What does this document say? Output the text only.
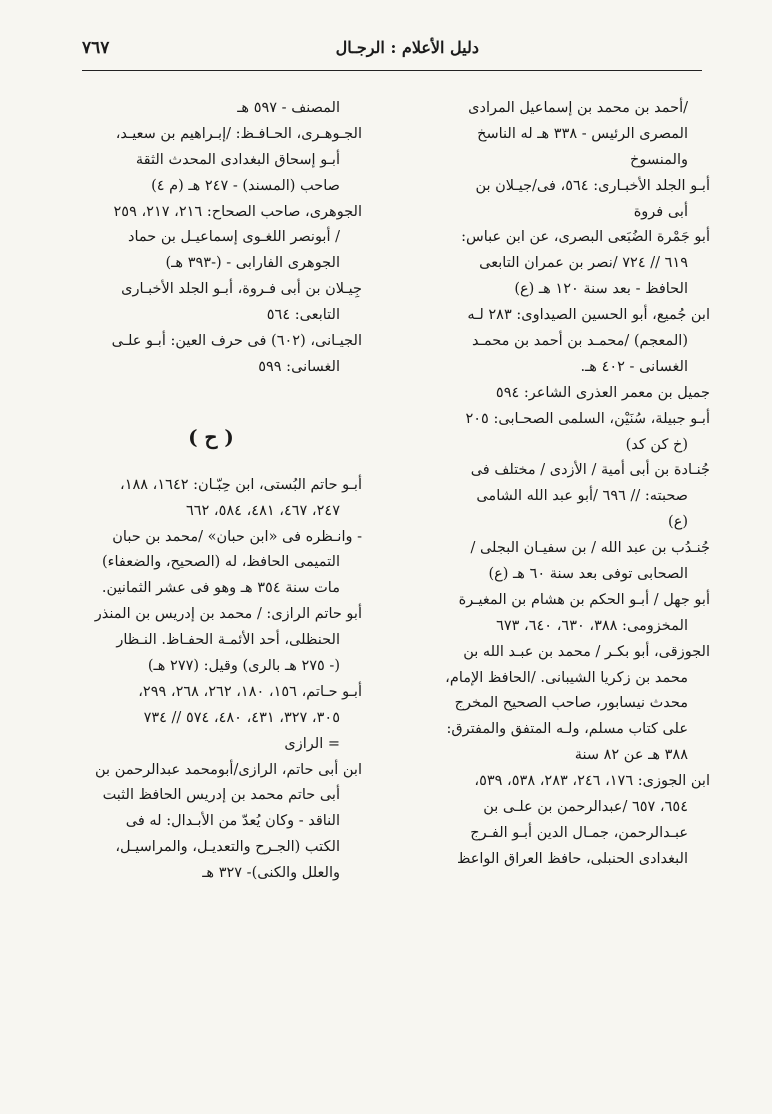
دليل الأعلام : الرجـال
٧٦٧
/أحمد بن محمد بن إسماعيل المرادى
المصرى الرئيس - ٣٣٨ هـ له الناسخ
والمنسوخ
أبـو الجلد الأخبـارى: ٥٦٤، فى/جيـلان بن
أبى فروة
أبو جَمْرة الضُبَعى البصرى، عن ابن عباس:
٦١٩ // ٧٢٤ /نصر بن عمران التابعى
الحافظ - بعد سنة ١٢٠ هـ (ع)
ابن جُميع، أبو الحسين الصيداوى: ٢٨٣ لـه
(المعجم) /محمـد بن أحمد بن محمـد
الغسانى - ٤٠٢ هـ.
جميل بن معمر العذرى الشاعر: ٥٩٤
أبـو جبيلة، سُنَيْن، السلمى الصحـابى: ٢٠٥
(خ كن كد)
جُنـادة بن أبى أمية / الأزدى / مختلف فى
صحبته: // ٦٩٦ /أبو عبد الله الشامى
(ع)
جُنـدُب بن عبد الله / بن سفيـان البجلى /
الصحابى توفى بعد سنة ٦٠ هـ (ع)
أبو جهل / أبـو الحكم بن هشام بن المغيـرة
المخزومى: ٣٨٨، ٦٣٠، ٦٤٠، ٦٧٣
الجوزقى، أبو بكـر / محمد بن عبـد الله بن
محمد بن زكريا الشيبانى. /الحافظ الإمام،
محدث نيسابور، صاحب الصحيح المخرج
على كتاب مسلم، ولـه المتفق والمفترق:
٣٨٨ هـ عن ٨٢ سنة
ابن الجوزى: ١٧٦، ٢٤٦، ٢٨٣، ٥٣٨، ٥٣٩،
٦٥٤، ٦٥٧ /عبدالرحمن بن علـى بن
عبـدالرحمن، جمـال الدين أبـو الفـرج
البغدادى الحنبلى، حافظ العراق الواعظ
المصنف - ٥٩٧ هـ
الجـوهـرى، الحـافـظ: /إبـراهيم بن سعيـد،
أبـو إسحاق البغدادى المحدث الثقة
صاحب (المسند) - ٢٤٧ هـ (م ٤)
الجوهرى، صاحب الصحاح: ٢١٦، ٢١٧، ٢٥٩
/ أبونصر اللغـوى إسماعيـل بن حماد
الجوهرى الفارابى - (-٣٩٣ هـ)
جِيـلان بن أبى فـروة، أبـو الجلد الأخبـارى
التابعى: ٥٦٤
الجيـانى، (٦٠٢) فى حرف العين: أبـو علـى
الغسانى: ٥٩٩
( ح )
أبـو حاتم البُستى، ابن حِبّـان: ١٦٤٢، ١٨٨،
٢٤٧، ٤٦٧، ٤٨١، ٥٨٤، ٦٦٢
- وانـظره فى «ابن حبان» /محمد بن حبان
التميمى الحافظ، له (الصحيح، والضعفاء)
مات سنة ٣٥٤ هـ وهو فى عشر الثمانين.
أبو حاتم الرازى: / محمد بن إدريس بن المنذر
الحنظلى، أحد الأئمـة الحفـاظ. النـظار
(- ٢٧٥ هـ بالرى) وقيل: (٢٧٧ هـ)
أبـو حـاتم، ١٥٦، ١٨٠، ٢٦٢، ٢٦٨، ٢٩٩،
٣٠٥، ٣٢٧، ٤٣١، ٤٨٠، ٥٧٤ // ٧٣٤
= الرازى
ابن أبى حاتم، الرازى/أبومحمد عبدالرحمن بن
أبى حاتم محمد بن إدريس الحافظ الثبت
الناقد - وكان يُعدّ من الأبـدال: له فى
الكتب (الجـرح والتعديـل، والمراسيـل،
والعلل والكنى)- ٣٢٧ هـ
